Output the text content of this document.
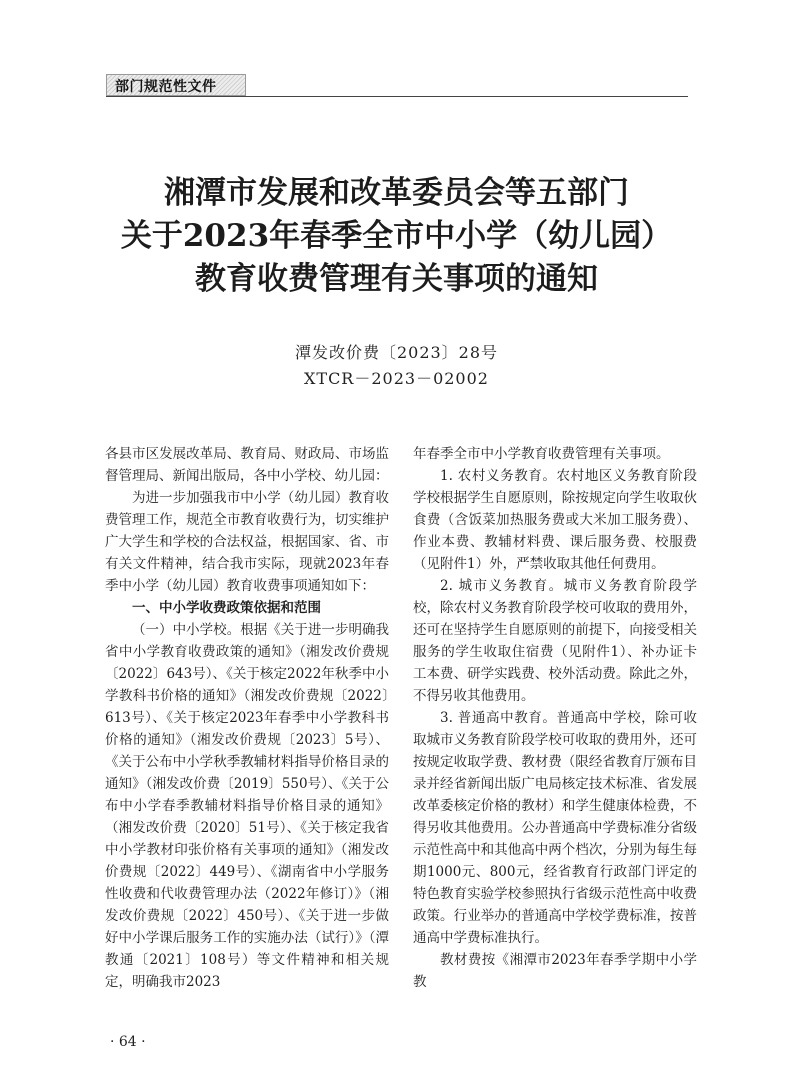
部门规范性文件
湘潭市发展和改革委员会等五部门
关于2023年春季全市中小学（幼儿园）
教育收费管理有关事项的通知
潭发改价费〔2023〕28号
XTCR－2023－02002

各县市区发展改革局、教育局、财政局、市场监督管理局、新闻出版局，各中小学校、幼儿园：

为进一步加强我市中小学（幼儿园）教育收费管理工作，规范全市教育收费行为，切实维护广大学生和学校的合法权益，根据国家、省、市有关文件精神，结合我市实际，现就2023年春季中小学（幼儿园）教育收费事项通知如下：

一、中小学收费政策依据和范围

（一）中小学校。根据《关于进一步明确我省中小学教育收费政策的通知》（湘发改价费规〔2022〕643号）、《关于核定2022年秋季中小学教科书价格的通知》（湘发改价费规〔2022〕613号）、《关于核定2023年春季中小学教科书价格的通知》（湘发改价费规〔2023〕5号）、《关于公布中小学秋季教辅材料指导价格目录的通知》（湘发改价费〔2019〕550号）、《关于公布中小学春季教辅材料指导价格目录的通知》（湘发改价费〔2020〕51号）、《关于核定我省中小学教材印张价格有关事项的通知》（湘发改价费规〔2022〕449号）、《湖南省中小学服务性收费和代收费管理办法（2022年修订）》（湘发改价费规〔2022〕450号）、《关于进一步做好中小学课后服务工作的实施办法（试行）》（潭教通〔2021〕108号）等文件精神和相关规定，明确我市2023

年春季全市中小学教育收费管理有关事项。

1. 农村义务教育。农村地区义务教育阶段学校根据学生自愿原则，除按规定向学生收取伙食费（含饭菜加热服务费或大米加工服务费）、作业本费、教辅材料费、课后服务费、校服费（见附件1）外，严禁收取其他任何费用。

2. 城市义务教育。城市义务教育阶段学校，除农村义务教育阶段学校可收取的费用外，还可在坚持学生自愿原则的前提下，向接受相关服务的学生收取住宿费（见附件1）、补办证卡工本费、研学实践费、校外活动费。除此之外，不得另收其他费用。

3. 普通高中教育。普通高中学校，除可收取城市义务教育阶段学校可收取的费用外，还可按规定收取学费、教材费（限经省教育厅颁布目录并经省新闻出版广电局核定技术标准、省发展改革委核定价格的教材）和学生健康体检费，不得另收其他费用。公办普通高中学费标准分省级示范性高中和其他高中两个档次，分别为每生每期1000元、800元，经省教育行政部门评定的特色教育实验学校参照执行省级示范性高中收费政策。行业举办的普通高中学校学费标准，按普通高中学费标准执行。

教材费按《湘潭市2023年春季学期中小学教

· 64 ·
